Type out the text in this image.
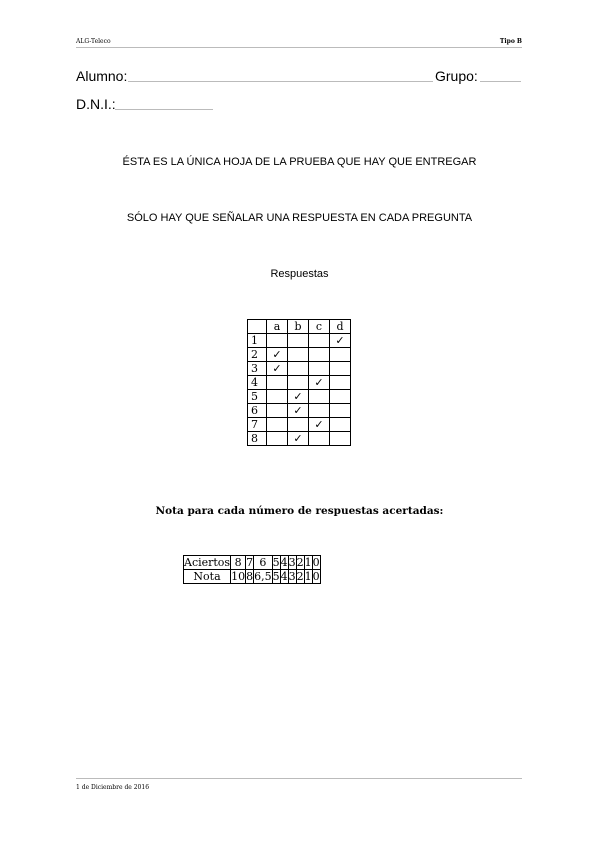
ALG-Teleco	Tipo B
Alumno:	Grupo:
D.N.I.:
ÉSTA ES LA ÚNICA HOJA DE LA PRUEBA QUE HAY QUE ENTREGAR
SÓLO HAY QUE SEÑALAR UNA RESPUESTA EN CADA PREGUNTA
Respuestas
	a	b	c	d
1				✓
2	✓			
3	✓			
4			✓	
5		✓		
6		✓		
7			✓	
8		✓		
Nota para cada número de respuestas acertadas:
Aciertos	8	7	6	5	4	3	2	1	0
Nota	10	8	6,5	5	4	3	2	1	0
1 de Diciembre de 2016
